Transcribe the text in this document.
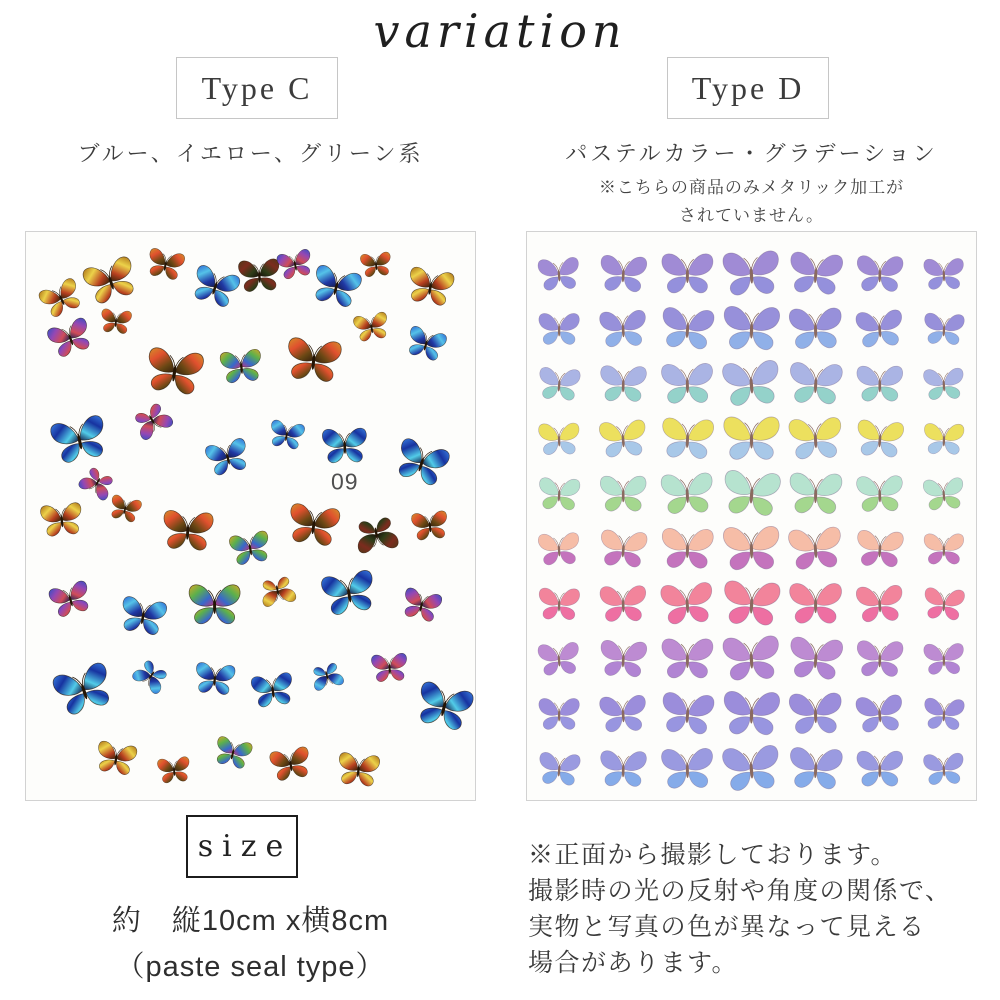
variation
Type C	Type D
ブルー、イエロー、グリーン系	パステルカラー・グラデーション
※こちらの商品のみメタリック加工が
されていません。
09
size
約　縦10cm x横8cm
（paste seal type）
※正面から撮影しております。
撮影時の光の反射や角度の関係で、
実物と写真の色が異なって見える
場合があります。
